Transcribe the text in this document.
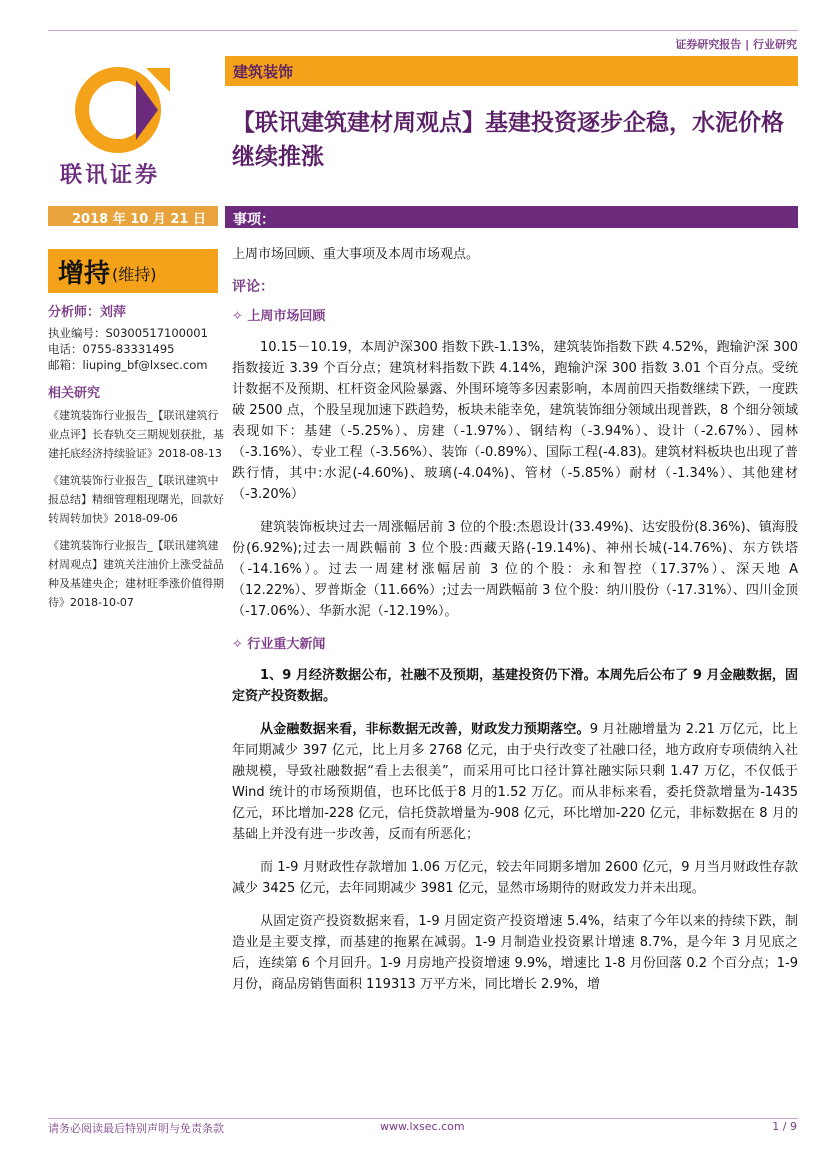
证券研究报告 | 行业研究
联讯证券
建筑装饰
【联讯建筑建材周观点】基建投资逐步企稳，水泥价格继续推涨
2018 年 10 月 21 日 事项：
增持 (维持)
分析师：刘萍
执业编号：S0300517100001
电话：0755-83331495
邮箱：liuping_bf@lxsec.com
相关研究
《建筑装饰行业报告_【联讯建筑行业点评】长春轨交三期规划获批，基建托底经济持续验证》2018-08-13
《建筑装饰行业报告_【联讯建筑中报总结】精细管理粗现曙光，回款好转周转加快》2018-09-06
《建筑装饰行业报告_【联讯建筑建材周观点】建筑关注油价上涨受益品种及基建央企；建材旺季涨价值得期待》2018-10-07

上周市场回顾、重大事项及本周市场观点。

评论：
✧ 上周市场回顾

10.15－10.19，本周沪深300 指数下跌-1.13%，建筑装饰指数下跌 4.52%，跑输沪深 300 指数接近 3.39 个百分点；建筑材料指数下跌 4.14%，跑输沪深 300 指数 3.01 个百分点。受统计数据不及预期、杠杆资金风险暴露、外围环境等多因素影响，本周前四天指数继续下跌，一度跌破 2500 点，个股呈现加速下跌趋势，板块未能幸免，建筑装饰细分领域出现普跌，8 个细分领域表现如下：基建（-5.25%）、房建（-1.97%）、钢结构（-3.94%）、设计（-2.67%）、园林（-3.16%）、专业工程（-3.56%）、装饰（-0.89%）、国际工程(-4.83)。建筑材料板块也出现了普跌行情，其中:水泥(-4.60%)、玻璃(-4.04%)、管材（-5.85%）耐材（-1.34%）、其他建材（-3.20%）

建筑装饰板块过去一周涨幅居前 3 位的个股:杰恩设计(33.49%)、达安股份(8.36%)、镇海股份(6.92%);过去一周跌幅前 3 位个股:西藏天路(-19.14%)、神州长城(-14.76%)、东方铁塔（-14.16%）。过去一周建材涨幅居前 3 位的个股：永和智控（17.37%）、深天地 A（12.22%）、罗普斯金（11.66%）;过去一周跌幅前 3 位个股：纳川股份（-17.31%）、四川金顶（-17.06%）、华新水泥（-12.19%）。

✧ 行业重大新闻

1、9 月经济数据公布，社融不及预期，基建投资仍下滑。本周先后公布了 9 月金融数据，固定资产投资数据。

从金融数据来看，非标数据无改善，财政发力预期落空。9 月社融增量为 2.21 万亿元，比上年同期减少 397 亿元，比上月多 2768 亿元，由于央行改变了社融口径，地方政府专项债纳入社融规模，导致社融数据“看上去很美”，而采用可比口径计算社融实际只剩 1.47 万亿，不仅低于Wind 统计的市场预期值，也环比低于8 月的1.52 万亿。而从非标来看，委托贷款增量为-1435 亿元，环比增加-228 亿元，信托贷款增量为-908 亿元，环比增加-220 亿元，非标数据在 8 月的基础上并没有进一步改善，反而有所恶化；

而 1-9 月财政性存款增加 1.06 万亿元，较去年同期多增加 2600 亿元，9 月当月财政性存款减少 3425 亿元，去年同期减少 3981 亿元，显然市场期待的财政发力并未出现。

从固定资产投资数据来看，1-9 月固定资产投资增速 5.4%，结束了今年以来的持续下跌，制造业是主要支撑，而基建的拖累在减弱。1-9 月制造业投资累计增速 8.7%，是今年 3 月见底之后，连续第 6 个月回升。1-9 月房地产投资增速 9.9%，增速比 1-8 月份回落 0.2 个百分点；1-9 月份，商品房销售面积 119313 万平方米，同比增长 2.9%，增

请务必阅读最后特别声明与免责条款	www.lxsec.com	1 / 9
